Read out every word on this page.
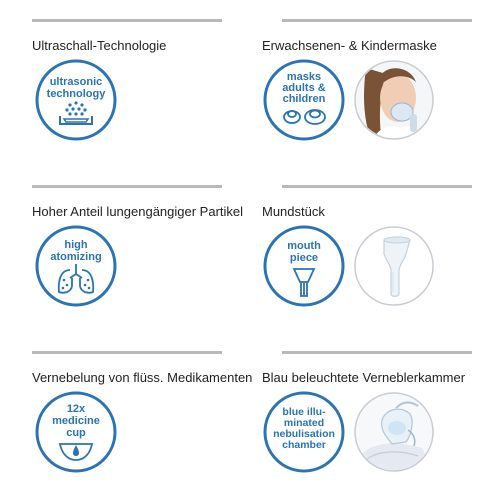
Ultraschall-Technologie
ultrasonic
technology
Erwachsenen- & Kindermaske
masks
adults &
children
Hoher Anteil lungengängiger Partikel
high
atomizing
Mundstück
mouth
piece
Vernebelung von flüss. Medikamenten
12x
medicine
cup
Blau beleuchtete Verneblerkammer
blue illu-
minated
nebulisation
chamber
